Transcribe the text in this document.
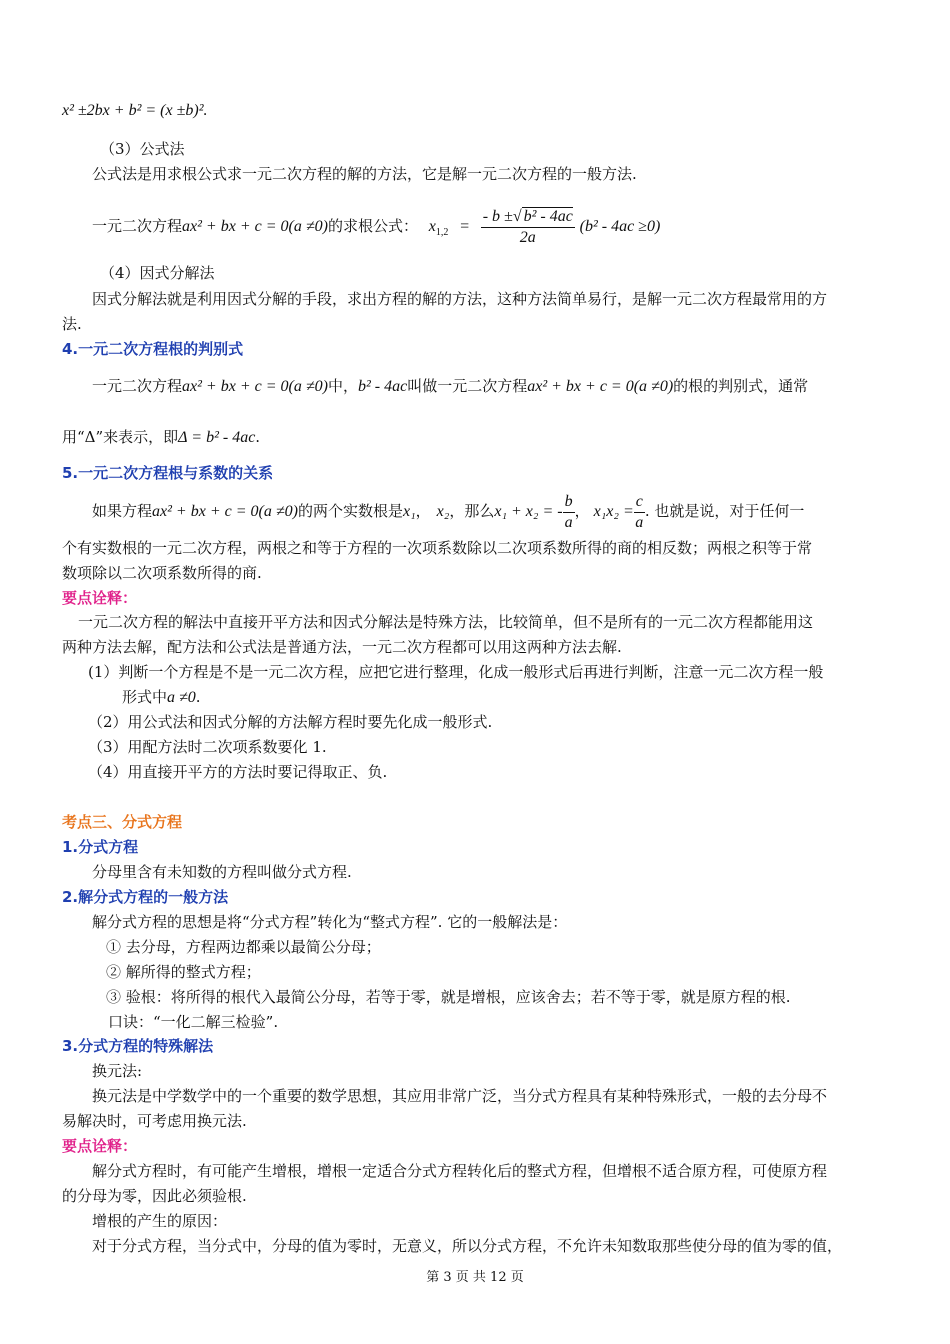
x² ±2bx + b² = (x ±b)².
（3）公式法
公式法是用求根公式求一元二次方程的解的方法，它是解一元二次方程的一般方法.
一元二次方程ax² + bx + c = 0(a ≠0)的求根公式： $x_{1,2} = \frac{\text{- b ±√ b² - 4ac}}{2a} (b^2 - 4ac \ge 0)$
（4）因式分解法
因式分解法就是利用因式分解的手段，求出方程的解的方法，这种方法简单易行，是解一元二次方程最常用的方
法.
4.一元二次方程根的判别式
一元二次方程ax² + bx + c = 0(a ≠0)中，b² - 4ac叫做一元二次方程ax² + bx + c = 0(a ≠0)的根的判别式，通常
用“Δ”来表示，即Δ = b² - 4ac.
5.一元二次方程根与系数的关系
如果方程ax² + bx + c = 0(a ≠0)的两个实数根是x₁， x₂，那么x₁ + x₂ = - $\frac{b}{a}$ ， $x_1x_2 = \frac{c}{a}$ . 也就是说，对于任何一
个有实数根的一元二次方程，两根之和等于方程的一次项系数除以二次项系数所得的商的相反数；两根之积等于常
数项除以二次项系数所得的商.
要点诠释：
一元二次方程的解法中直接开平方法和因式分解法是特殊方法，比较简单，但不是所有的一元二次方程都能用这
两种方法去解，配方法和公式法是普通方法，一元二次方程都可以用这两种方法去解.
(1）判断一个方程是不是一元二次方程，应把它进行整理，化成一般形式后再进行判断，注意一元二次方程一般
形式中a ≠0.
（2）用公式法和因式分解的方法解方程时要先化成一般形式.
（3）用配方法时二次项系数要化 1.
（4）用直接开平方的方法时要记得取正、负.
考点三、分式方程
1.分式方程
分母里含有未知数的方程叫做分式方程.
2.解分式方程的一般方法
解分式方程的思想是将“分式方程”转化为“整式方程”. 它的一般解法是：
① 去分母，方程两边都乘以最简公分母；
② 解所得的整式方程；
③ 验根：将所得的根代入最简公分母，若等于零，就是增根，应该舍去；若不等于零，就是原方程的根.
口诀：“一化二解三检验”.
3.分式方程的特殊解法
换元法:
换元法是中学数学中的一个重要的数学思想，其应用非常广泛，当分式方程具有某种特殊形式，一般的去分母不
易解决时，可考虑用换元法.
要点诠释：
解分式方程时，有可能产生增根，增根一定适合分式方程转化后的整式方程，但增根不适合原方程，可使原方程
的分母为零，因此必须验根.
增根的产生的原因：
对于分式方程，当分式中，分母的值为零时，无意义，所以分式方程，不允许未知数取那些使分母的值为零的值，
第 3 页 共 12 页
